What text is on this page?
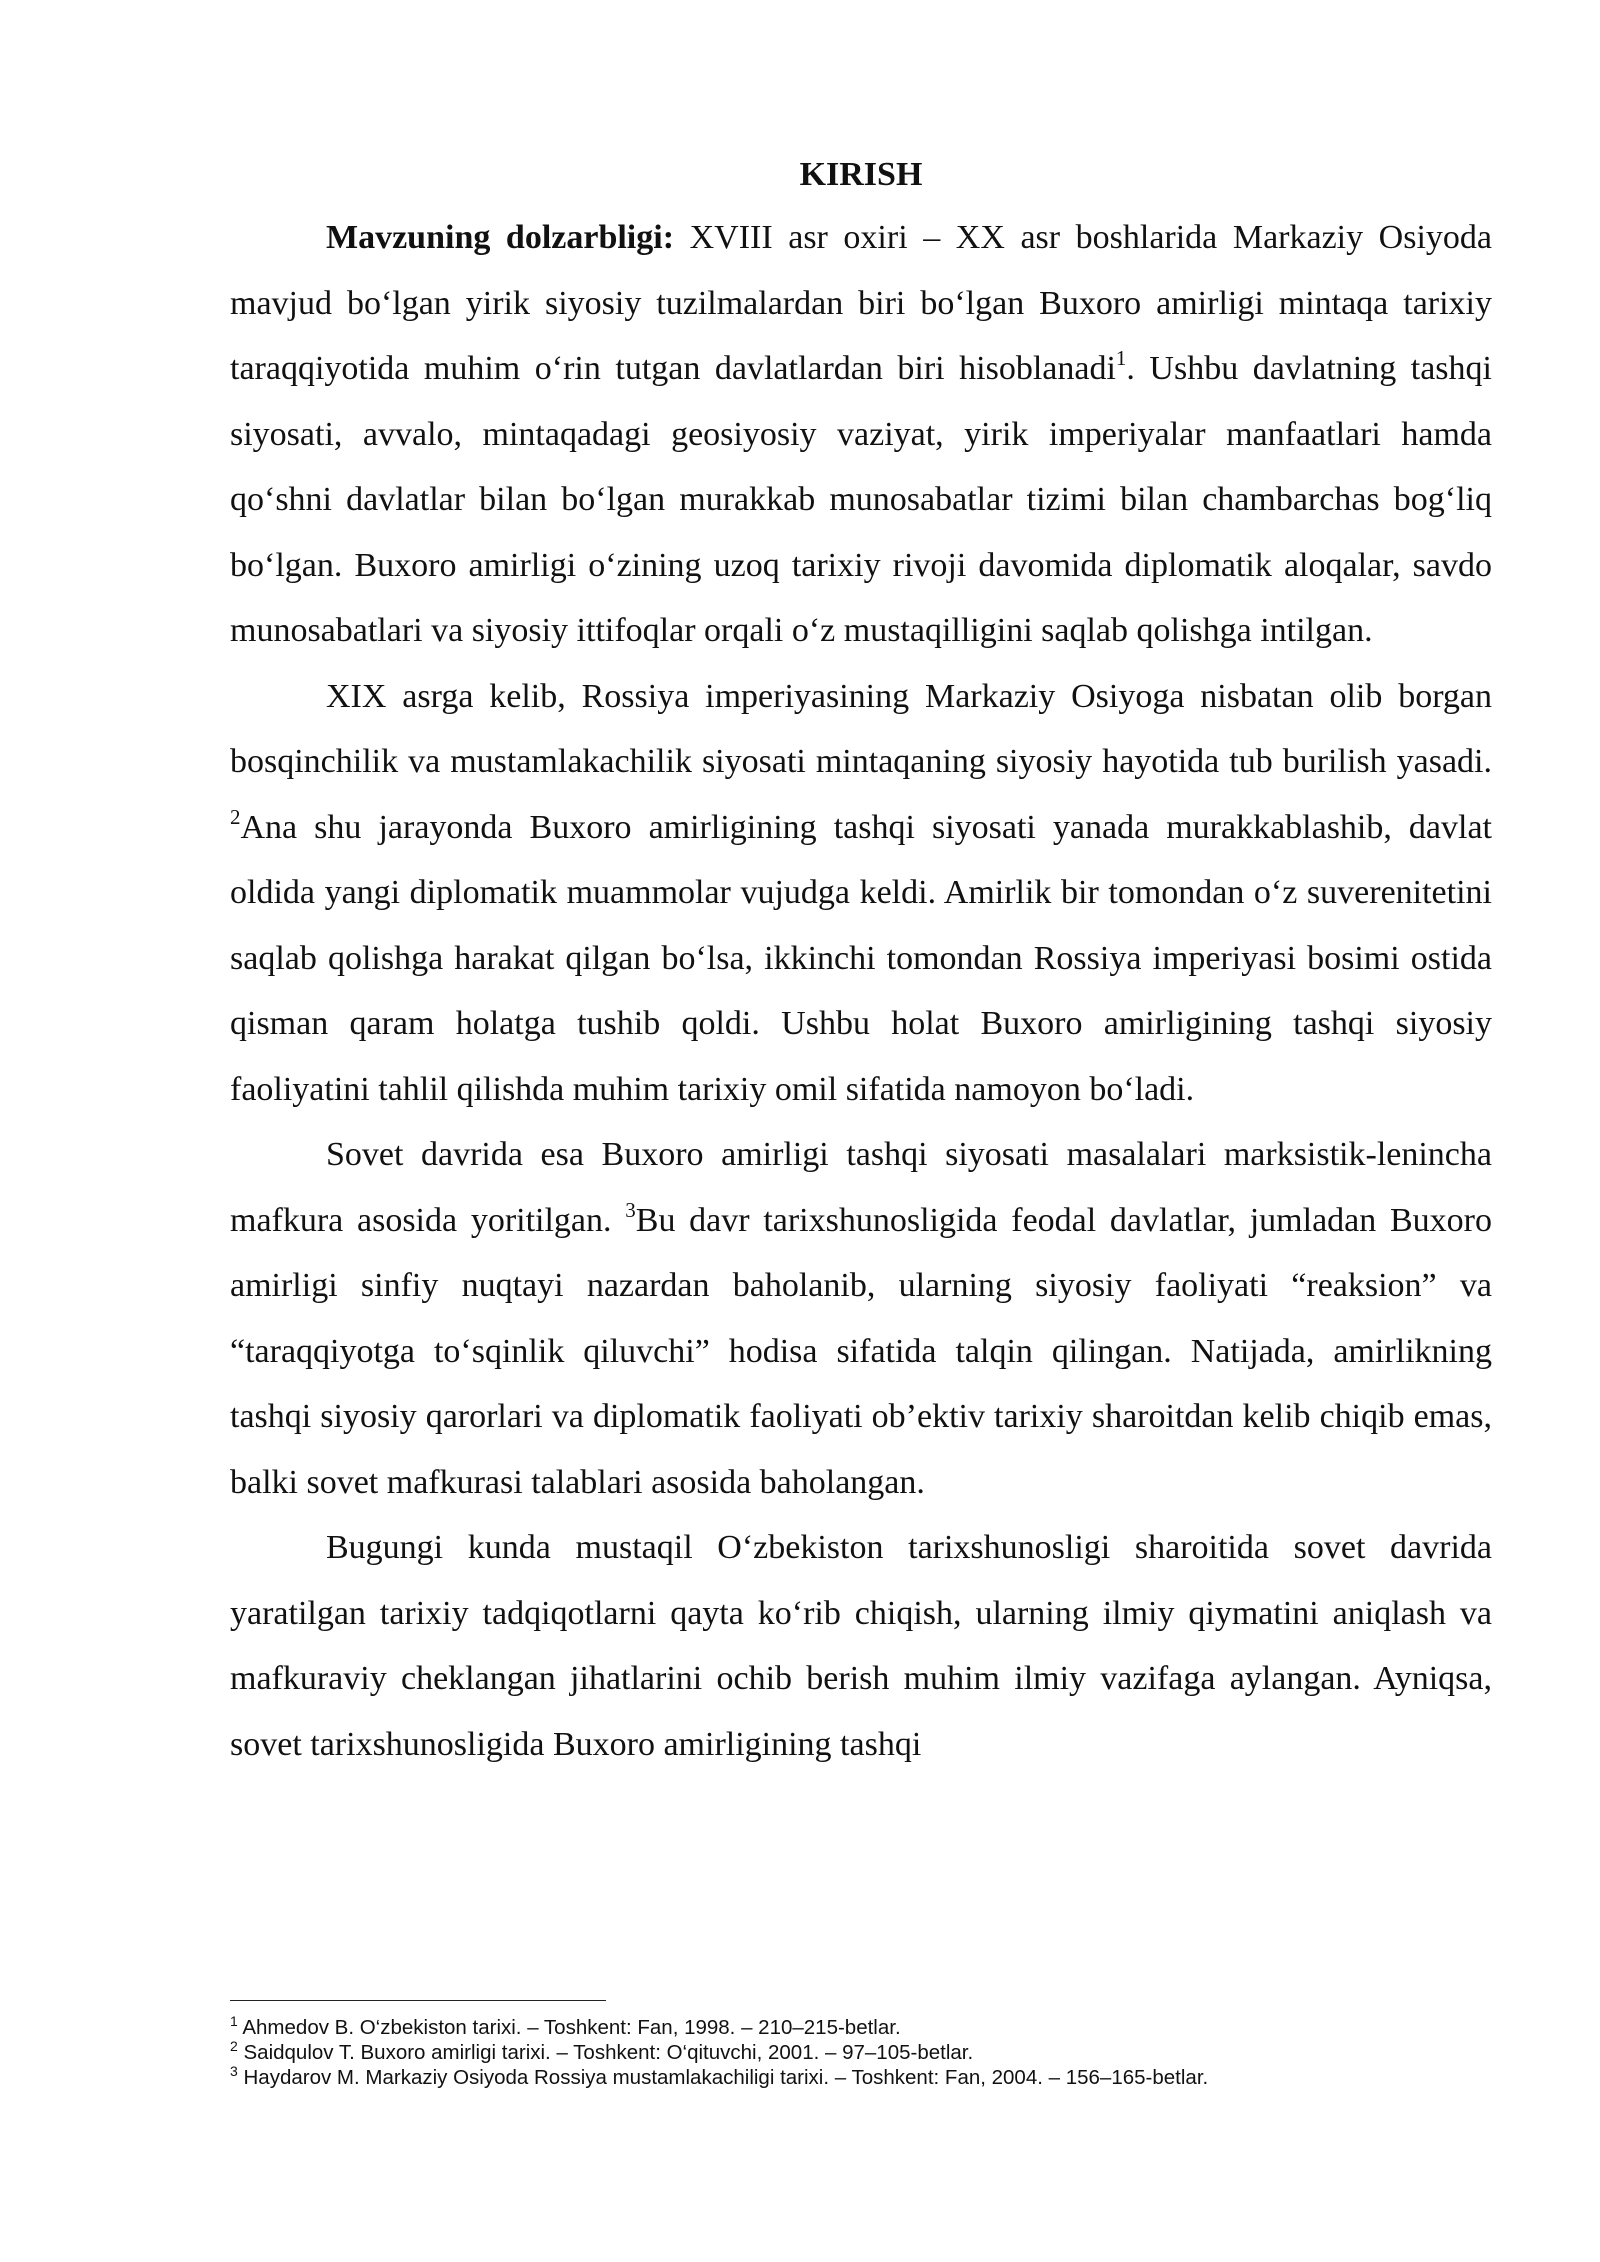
KIRISH

Mavzuning dolzarbligi: XVIII asr oxiri – XX asr boshlarida Markaziy Osiyoda mavjud bo‘lgan yirik siyosiy tuzilmalardan biri bo‘lgan Buxoro amirligi mintaqa tarixiy taraqqiyotida muhim o‘rin tutgan davlatlardan biri hisoblanadi$^1$. Ushbu davlatning tashqi siyosati, avvalo, mintaqadagi geosiyosiy vaziyat, yirik imperiyalar manfaatlari hamda qo‘shni davlatlar bilan bo‘lgan murakkab munosabatlar tizimi bilan chambarchas bog‘liq bo‘lgan. Buxoro amirligi o‘zining uzoq tarixiy rivoji davomida diplomatik aloqalar, savdo munosabatlari va siyosiy ittifoqlar orqali o‘z mustaqilligini saqlab qolishga intilgan.

XIX asrga kelib, Rossiya imperiyasining Markaziy Osiyoga nisbatan olib borgan bosqinchilik va mustamlakachilik siyosati mintaqaning siyosiy hayotida tub burilish yasadi. $^2$Ana shu jarayonda Buxoro amirligining tashqi siyosati yanada murakkablashib, davlat oldida yangi diplomatik muammolar vujudga keldi. Amirlik bir tomondan o‘z suverenitetini saqlab qolishga harakat qilgan bo‘lsa, ikkinchi tomondan Rossiya imperiyasi bosimi ostida qisman qaram holatga tushib qoldi. Ushbu holat Buxoro amirligining tashqi siyosiy faoliyatini tahlil qilishda muhim tarixiy omil sifatida namoyon bo‘ladi.

Sovet davrida esa Buxoro amirligi tashqi siyosati masalalari marksistik-lenincha mafkura asosida yoritilgan. $^3$Bu davr tarixshunosligida feodal davlatlar, jumladan Buxoro amirligi sinfiy nuqtayi nazardan baholanib, ularning siyosiy faoliyati “reaksion” va “taraqqiyotga to‘sqinlik qiluvchi” hodisa sifatida talqin qilingan. Natijada, amirlikning tashqi siyosiy qarorlari va diplomatik faoliyati ob’ektiv tarixiy sharoitdan kelib chiqib emas, balki sovet mafkurasi talablari asosida baholangan.

Bugungi kunda mustaqil O‘zbekiston tarixshunosligi sharoitida sovet davrida yaratilgan tarixiy tadqiqotlarni qayta ko‘rib chiqish, ularning ilmiy qiymatini aniqlash va mafkuraviy cheklangan jihatlarini ochib berish muhim ilmiy vazifaga aylangan. Ayniqsa, sovet tarixshunosligida Buxoro amirligining tashqi

$^1$ Ahmedov B. O‘zbekiston tarixi. – Toshkent: Fan, 1998. – 210–215-betlar.

$^2$ Saidqulov T. Buxoro amirligi tarixi. – Toshkent: O‘qituvchi, 2001. – 97–105-betlar.

$^3$ Haydarov M. Markaziy Osiyoda Rossiya mustamlakachiligi tarixi. – Toshkent: Fan, 2004. – 156–165-betlar.
